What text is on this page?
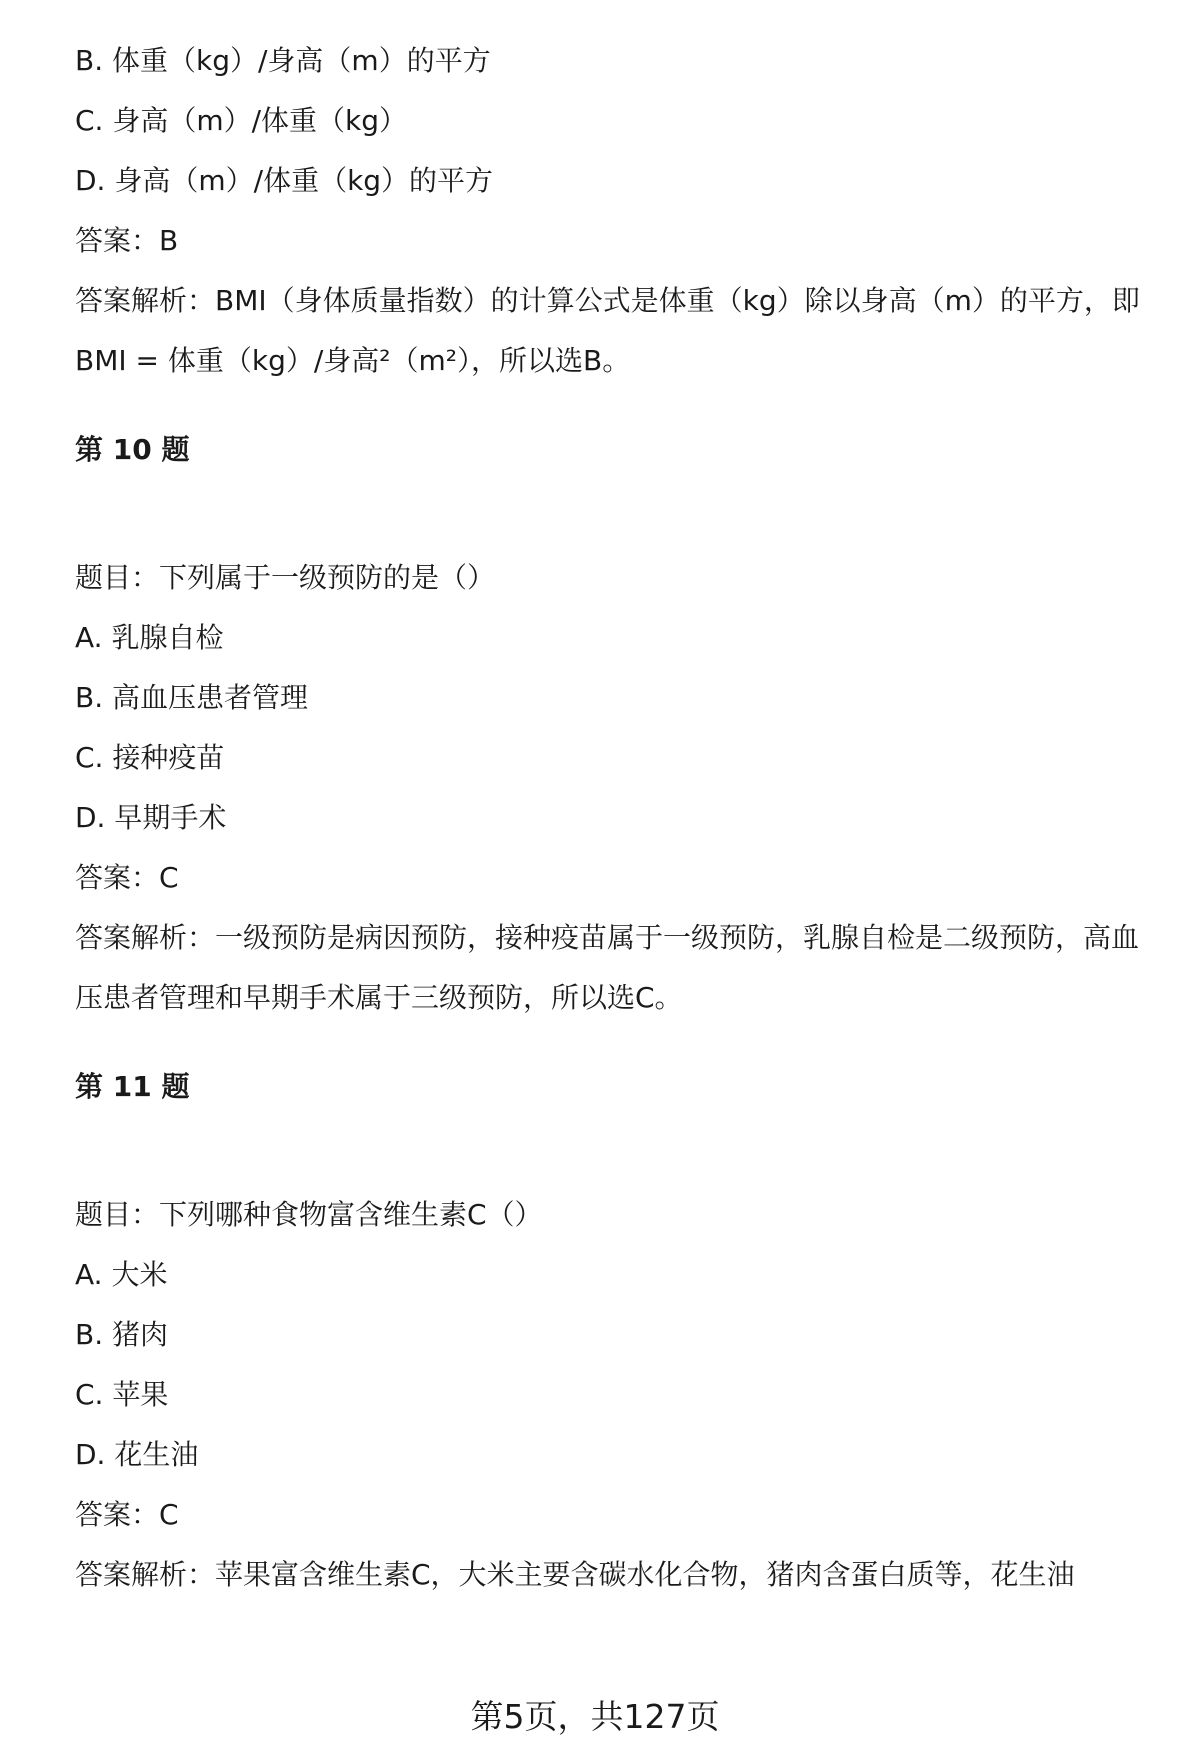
B. 体重（kg）/身高（m）的平方

C. 身高（m）/体重（kg）

D. 身高（m）/体重（kg）的平方

答案：B

答案解析：BMI（身体质量指数）的计算公式是体重（kg）除以身高（m）的平方，即BMI = 体重（kg）/身高²（m²），所以选B。

第 10 题

题目：下列属于一级预防的是（）

A. 乳腺自检

B. 高血压患者管理

C. 接种疫苗

D. 早期手术

答案：C

答案解析：一级预防是病因预防，接种疫苗属于一级预防，乳腺自检是二级预防，高血压患者管理和早期手术属于三级预防，所以选C。

第 11 题

题目：下列哪种食物富含维生素C（）

A. 大米

B. 猪肉

C. 苹果

D. 花生油

答案：C

答案解析：苹果富含维生素C，大米主要含碳水化合物，猪肉含蛋白质等，花生油

第5页，共127页
